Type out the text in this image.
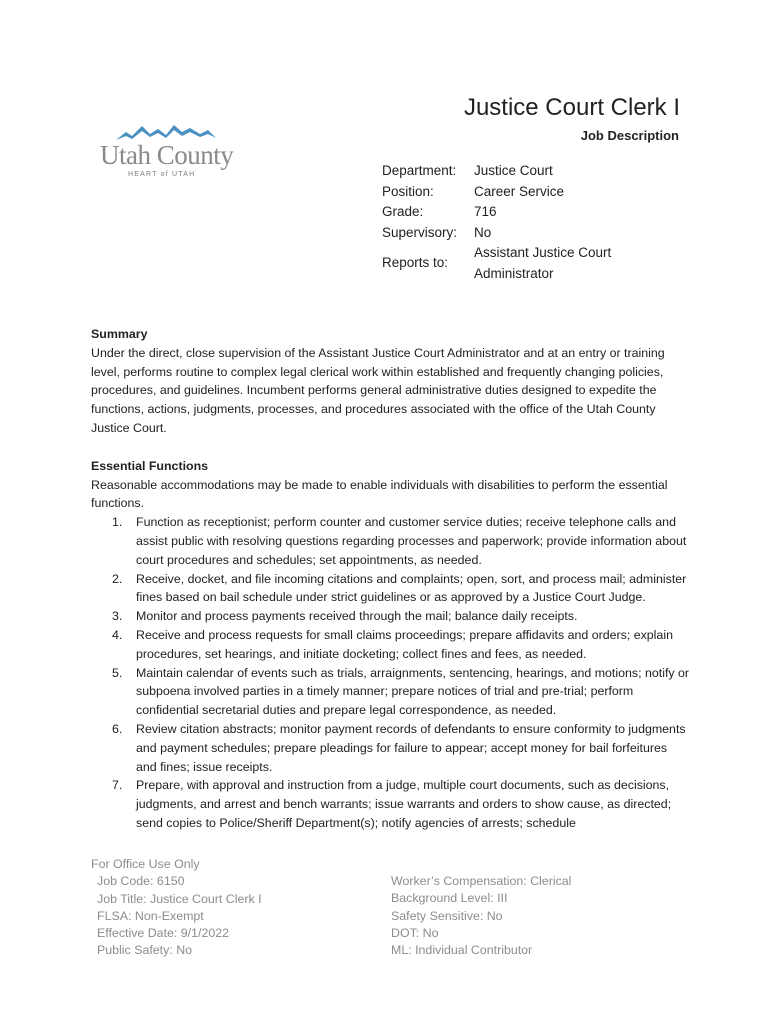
Utah County
HEART of UTAH
Justice Court Clerk I
Job Description
Department:	Justice Court
Position:	Career Service
Grade:	716
Supervisory:	No
Reports to:
Assistant Justice Court Administrator
Summary

Under the direct, close supervision of the Assistant Justice Court Administrator and at an entry or training level, performs routine to complex legal clerical work within established and frequently changing policies, procedures, and guidelines. Incumbent performs general administrative duties designed to expedite the functions, actions, judgments, processes, and procedures associated with the office of the Utah County Justice Court.

Essential Functions

Reasonable accommodations may be made to enable individuals with disabilities to perform the essential functions.

1. Function as receptionist; perform counter and customer service duties; receive telephone calls and assist public with resolving questions regarding processes and paperwork; provide information about court procedures and schedules; set appointments, as needed.
2. Receive, docket, and file incoming citations and complaints; open, sort, and process mail; administer fines based on bail schedule under strict guidelines or as approved by a Justice Court Judge.
3. Monitor and process payments received through the mail; balance daily receipts.
4. Receive and process requests for small claims proceedings; prepare affidavits and orders; explain procedures, set hearings, and initiate docketing; collect fines and fees, as needed.
5. Maintain calendar of events such as trials, arraignments, sentencing, hearings, and motions; notify or subpoena involved parties in a timely manner; prepare notices of trial and pre-trial; perform confidential secretarial duties and prepare legal correspondence, as needed.
6. Review citation abstracts; monitor payment records of defendants to ensure conformity to judgments and payment schedules; prepare pleadings for failure to appear; accept money for bail forfeitures and fines; issue receipts.
7. Prepare, with approval and instruction from a judge, multiple court documents, such as decisions, judgments, and arrest and bench warrants; issue warrants and orders to show cause, as directed; send copies to Police/Sheriff Department(s); notify agencies of arrests; schedule
For Office Use Only
Job Code: 6150
Job Title: Justice Court Clerk I
FLSA: Non-Exempt
Effective Date: 9/1/2022
Public Safety: No
Worker’s Compensation: Clerical
Background Level: III
Safety Sensitive: No
DOT: No
ML: Individual Contributor
